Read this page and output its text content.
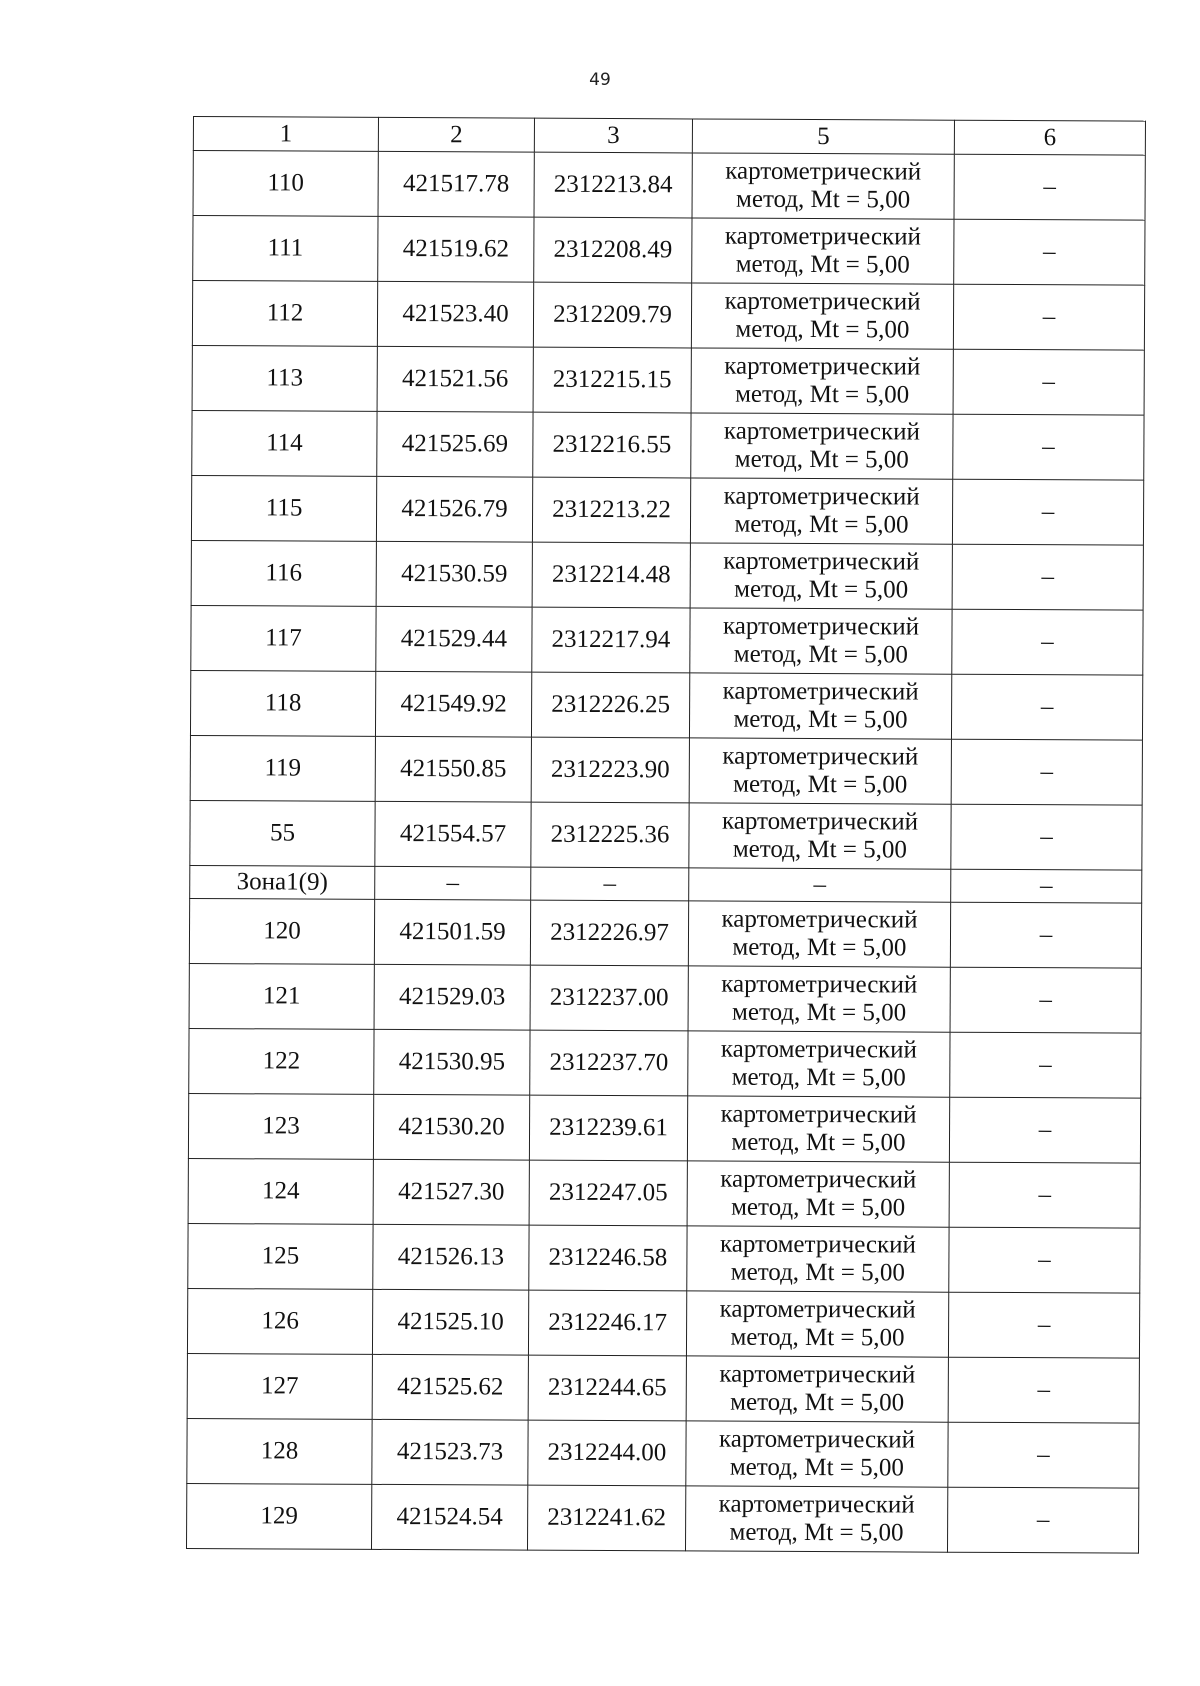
49
1	2	3	5	6
110	421517.78	2312213.84	картометрический
метод, Mt = 5,00	–
111	421519.62	2312208.49	картометрический
метод, Mt = 5,00	–
112	421523.40	2312209.79	картометрический
метод, Mt = 5,00	–
113	421521.56	2312215.15	картометрический
метод, Mt = 5,00	–
114	421525.69	2312216.55	картометрический
метод, Mt = 5,00	–
115	421526.79	2312213.22	картометрический
метод, Mt = 5,00	–
116	421530.59	2312214.48	картометрический
метод, Mt = 5,00	–
117	421529.44	2312217.94	картометрический
метод, Mt = 5,00	–
118	421549.92	2312226.25	картометрический
метод, Mt = 5,00	–
119	421550.85	2312223.90	картометрический
метод, Mt = 5,00	–
55	421554.57	2312225.36	картометрический
метод, Mt = 5,00	–
Зона1(9)	–	–	–	–
120	421501.59	2312226.97	картометрический
метод, Mt = 5,00	–
121	421529.03	2312237.00	картометрический
метод, Mt = 5,00	–
122	421530.95	2312237.70	картометрический
метод, Mt = 5,00	–
123	421530.20	2312239.61	картометрический
метод, Mt = 5,00	–
124	421527.30	2312247.05	картометрический
метод, Mt = 5,00	–
125	421526.13	2312246.58	картометрический
метод, Mt = 5,00	–
126	421525.10	2312246.17	картометрический
метод, Mt = 5,00	–
127	421525.62	2312244.65	картометрический
метод, Mt = 5,00	–
128	421523.73	2312244.00	картометрический
метод, Mt = 5,00	–
129	421524.54	2312241.62	картометрический
метод, Mt = 5,00	–
